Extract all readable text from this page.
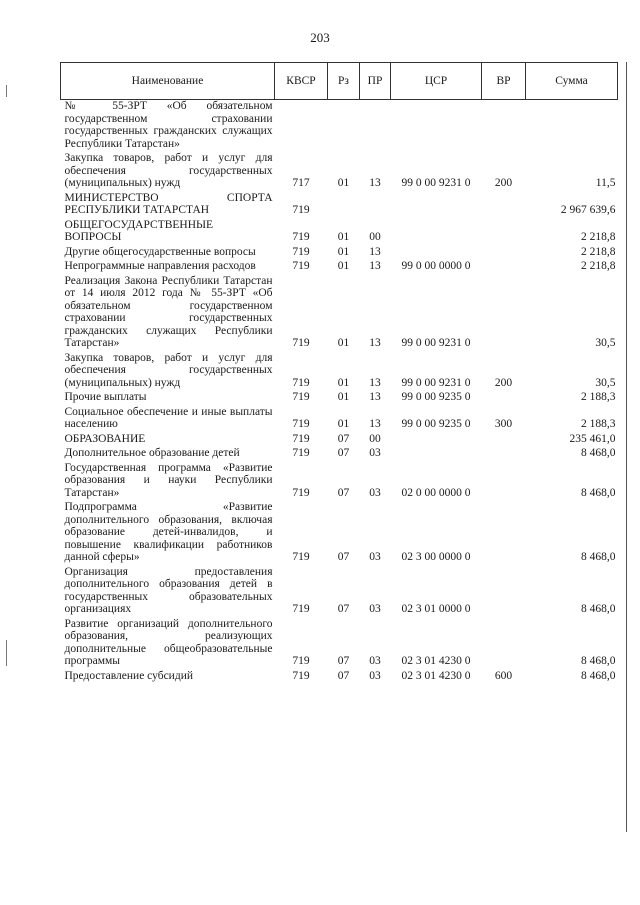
203
Наименование	КВСР	Рз	ПР	ЦСР	ВР	Сумма
№ 55-ЗРТ «Об обязательном государственном страховании государственных гражданских служащих Республики Татарстан»						
Закупка товаров, работ и услуг для обеспечения государственных (муниципальных) нужд	717	01	13	99 0 00 9231 0	200	11,5
МИНИСТЕРСТВО СПОРТА РЕСПУБЛИКИ ТАТАРСТАН	719					2 967 639,6
ОБЩЕГОСУДАРСТВЕННЫЕ ВОПРОСЫ	719	01	00			2 218,8
Другие общегосударственные вопросы	719	01	13			2 218,8
Непрограммные направления расходов	719	01	13	99 0 00 0000 0		2 218,8
Реализация Закона Республики Татарстан от 14 июля 2012 года № 55-ЗРТ «Об обязательном государственном страховании государственных гражданских служащих Республики Татарстан»	719	01	13	99 0 00 9231 0		30,5
Закупка товаров, работ и услуг для обеспечения государственных (муниципальных) нужд	719	01	13	99 0 00 9231 0	200	30,5
Прочие выплаты	719	01	13	99 0 00 9235 0		2 188,3
Социальное обеспечение и иные выплаты населению	719	01	13	99 0 00 9235 0	300	2 188,3
ОБРАЗОВАНИЕ	719	07	00			235 461,0
Дополнительное образование детей	719	07	03			8 468,0
Государственная программа «Развитие образования и науки Республики Татарстан»	719	07	03	02 0 00 0000 0		8 468,0
Подпрограмма «Развитие дополнительного образования, включая образование детей-инвалидов, и повышение квалификации работников данной сферы»	719	07	03	02 3 00 0000 0		8 468,0
Организация предоставления дополнительного образования детей в государственных образовательных организациях	719	07	03	02 3 01 0000 0		8 468,0
Развитие организаций дополнительного образования, реализующих дополнительные общеобразовательные программы	719	07	03	02 3 01 4230 0		8 468,0
Предоставление субсидий	719	07	03	02 3 01 4230 0	600	8 468,0
